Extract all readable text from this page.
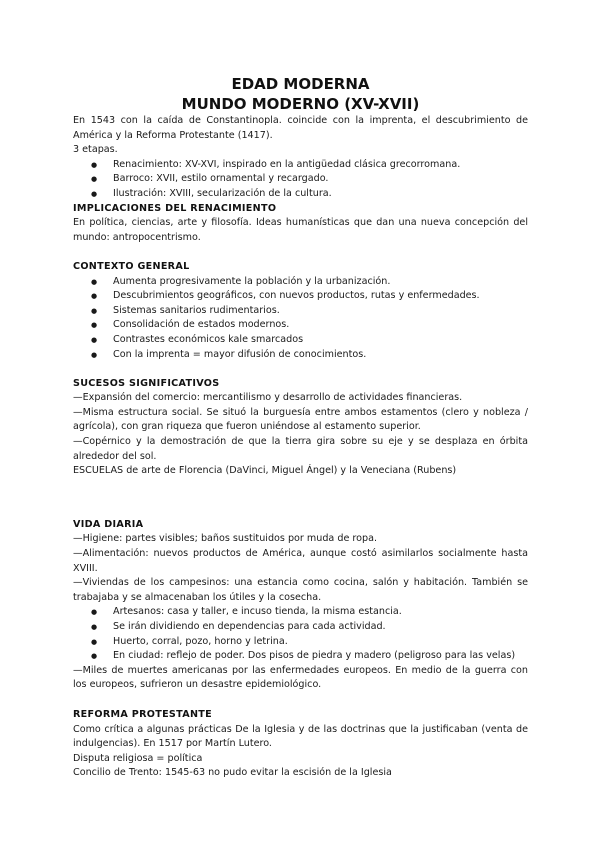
EDAD MODERNA
MUNDO MODERNO (XV-XVII)

En 1543 con la caída de Constantinopla. coincide con la imprenta, el descubrimiento de América y la Reforma Protestante (1417).

3 etapas.

● Renacimiento: XV-XVI, inspirado en la antigüedad clásica grecorromana.
● Barroco: XVII, estilo ornamental y recargado.
● Ilustración: XVIII, secularización de la cultura.

IMPLICACIONES DEL RENACIMIENTO

En política, ciencias, arte y filosofía. Ideas humanísticas que dan una nueva concepción del mundo: antropocentrismo.

CONTEXTO GENERAL

● Aumenta progresivamente la población y la urbanización.
● Descubrimientos geográficos, con nuevos productos, rutas y enfermedades.
● Sistemas sanitarios rudimentarios.
● Consolidación de estados modernos.
● Contrastes económicos kale smarcados
● Con la imprenta = mayor difusión de conocimientos.

SUCESOS SIGNIFICATIVOS

—Expansión del comercio: mercantilismo y desarrollo de actividades financieras.

—Misma estructura social. Se situó la burguesía entre ambos estamentos (clero y nobleza / agrícola), con gran riqueza que fueron uniéndose al estamento superior.

—Copérnico y la demostración de que la tierra gira sobre su eje y se desplaza en órbita alrededor del sol.

ESCUELAS de arte de Florencia (DaVinci, Miguel Ángel) y la Veneciana (Rubens)

VIDA DIARIA

—Higiene: partes visibles; baños sustituidos por muda de ropa.

—Alimentación: nuevos productos de América, aunque costó asimilarlos socialmente hasta XVIII.

—Viviendas de los campesinos: una estancia como cocina, salón y habitación. También se trabajaba y se almacenaban los útiles y la cosecha.

● Artesanos: casa y taller, e incuso tienda, la misma estancia.
● Se irán dividiendo en dependencias para cada actividad.
● Huerto, corral, pozo, horno y letrina.
● En ciudad: reflejo de poder. Dos pisos de piedra y madero (peligroso para las velas)

—Miles de muertes americanas por las enfermedades europeos. En medio de la guerra con los europeos, sufrieron un desastre epidemiológico.

REFORMA PROTESTANTE

Como crítica a algunas prácticas De la Iglesia y de las doctrinas que la justificaban (venta de indulgencias). En 1517 por Martín Lutero.

Disputa religiosa = política

Concilio de Trento: 1545-63 no pudo evitar la escisión de la Iglesia
